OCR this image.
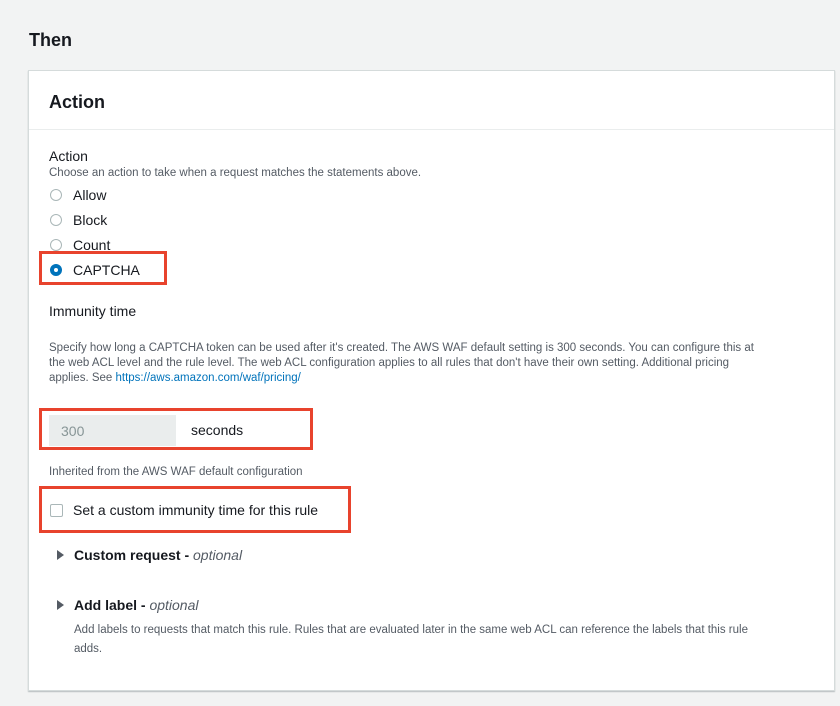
Then
Action
Action
Choose an action to take when a request matches the statements above.
Allow
Block
Count
CAPTCHA
Immunity time
Specify how long a CAPTCHA token can be used after it's created. The AWS WAF default setting is 300 seconds. You can configure this at
the web ACL level and the rule level. The web ACL configuration applies to all rules that don't have their own setting. Additional pricing
applies. See https://aws.amazon.com/waf/pricing/
300	seconds
Inherited from the AWS WAF default configuration
Set a custom immunity time for this rule
Custom request - optional
Add label - optional
Add labels to requests that match this rule. Rules that are evaluated later in the same web ACL can reference the labels that this rule
adds.
